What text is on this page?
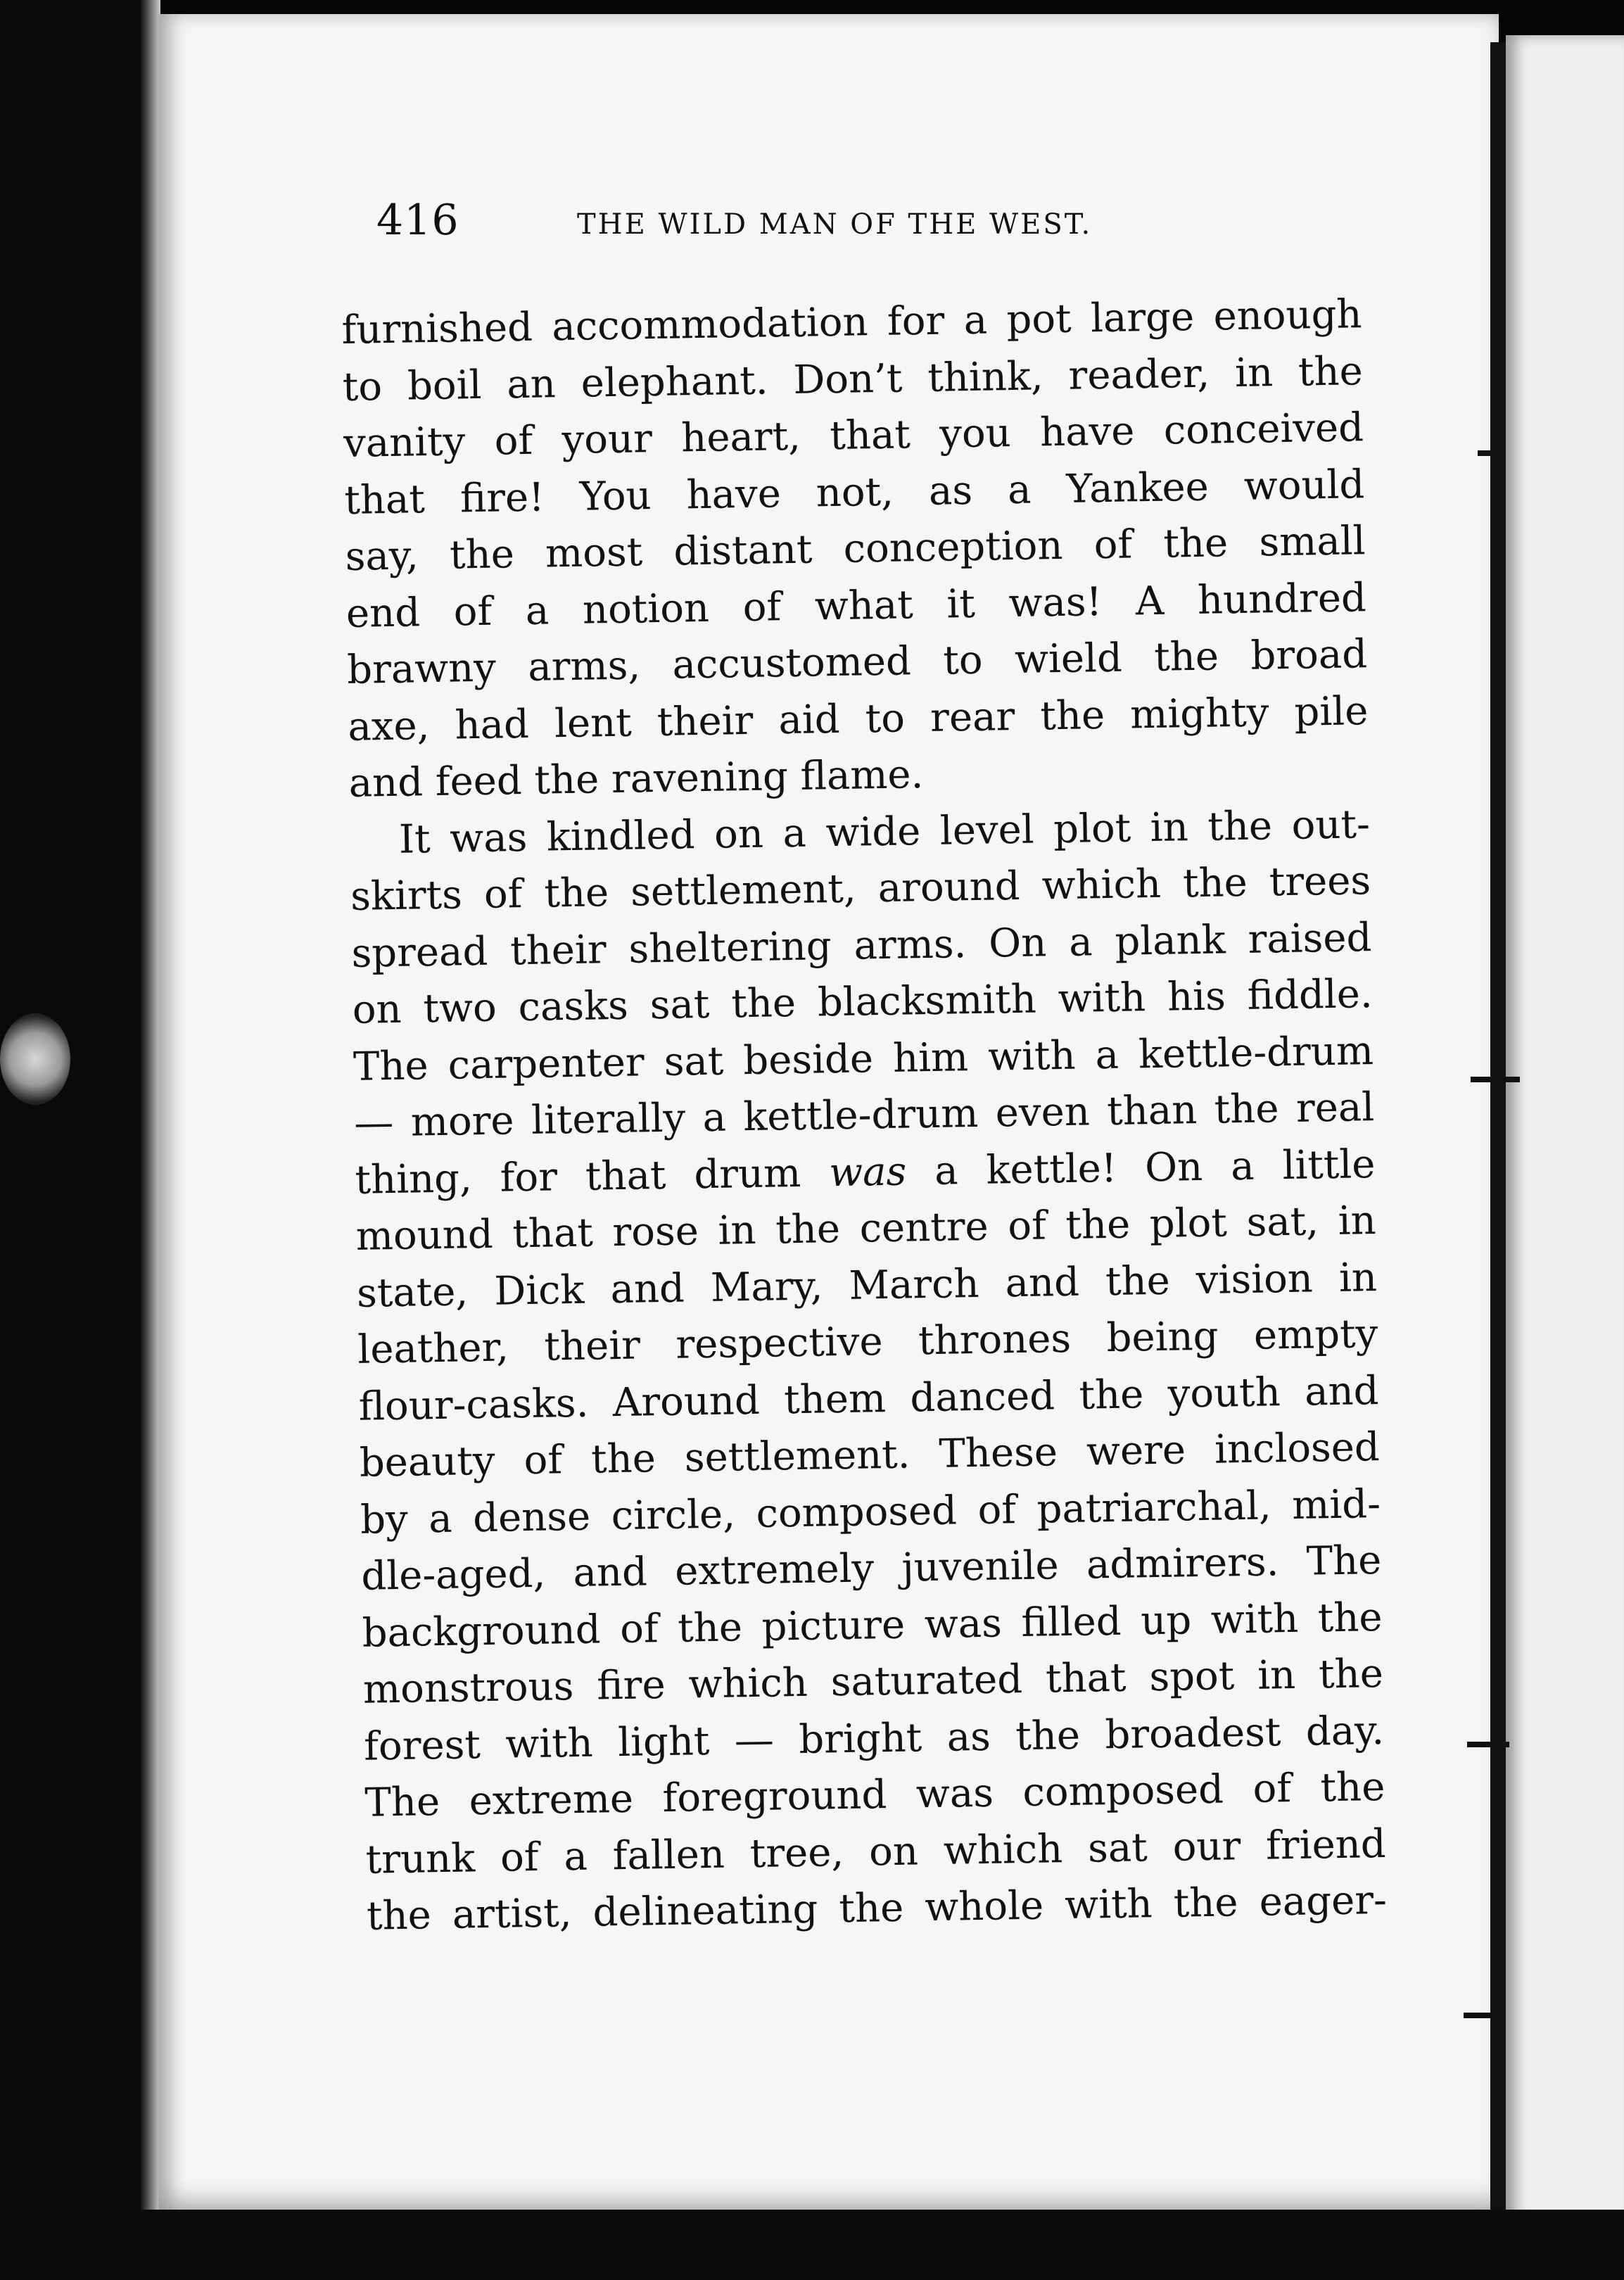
416	THE WILD MAN OF THE WEST.
furnished accommodation for a pot large enough
to boil an elephant. Don’t think, reader, in the
vanity of your heart, that you have conceived
that fire! You have not, as a Yankee would
say, the most distant conception of the small
end of a notion of what it was! A hundred
brawny arms, accustomed to wield the broad
axe, had lent their aid to rear the mighty pile
and feed the ravening flame.
It was kindled on a wide level plot in the out-
skirts of the settlement, around which the trees
spread their sheltering arms. On a plank raised
on two casks sat the blacksmith with his fiddle.
The carpenter sat beside him with a kettle-drum
— more literally a kettle-drum even than the real
thing, for that drum was a kettle! On a little
mound that rose in the centre of the plot sat, in
state, Dick and Mary, March and the vision in
leather, their respective thrones being empty
flour-casks. Around them danced the youth and
beauty of the settlement. These were inclosed
by a dense circle, composed of patriarchal, mid-
dle-aged, and extremely juvenile admirers. The
background of the picture was filled up with the
monstrous fire which saturated that spot in the
forest with light — bright as the broadest day.
The extreme foreground was composed of the
trunk of a fallen tree, on which sat our friend
the artist, delineating the whole with the eager-
